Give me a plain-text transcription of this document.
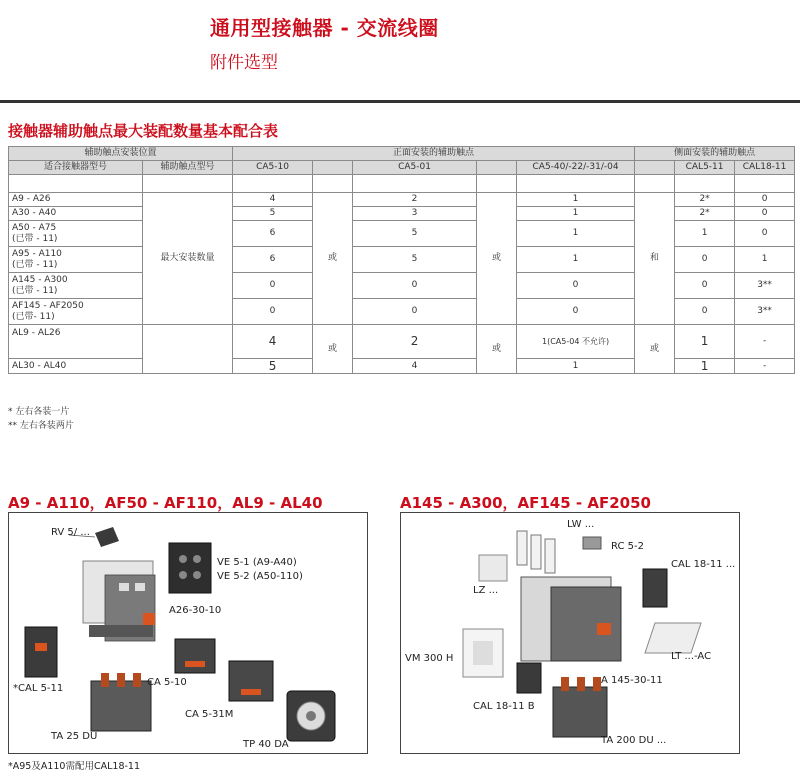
通用型接触器 - 交流线圈
附件选型
接触器辅助触点最大装配数量基本配合表
辅助触点安装位置		正面安装的辅助触点					侧面安装的辅助触点		
适合接触器型号	辅助触点型号	CA5-10		CA5-01		CA5-40/-22/-31/-04		CAL5-11	CAL18-11

A9 - A26	最大安装数量	4	或	2	或	1	和	2*	0
A30 - A40		5		3		1		2*	0

A50 - A75
(已带 - 11)		6		5		1		1	0

A95 - A110
(已带 - 11)		6		5		1		0	1

A145 - A300
(已带 - 11)		0		0		0		0	3**

AF145 - AF2050
(已带- 11)		0		0		0		0	3**
AL9 - AL26		4	或	2	或	1(CA5-04 不允许)	或	1	-
AL30 - AL40		5		4		1		1	-
* 左右各装一片
** 左右各装两片
A9 - A110，AF50 - AF110，AL9 - AL40
RV 5/ ...
VE 5-1 (A9-A40)
VE 5-2 (A50-110)
A26-30-10
*CAL 5-11
CA 5-10
CA 5-31M
TA 25 DU
TP 40 DA
*A95及A110需配用CAL18-11
A145 - A300，AF145 - AF2050
LW ...
RC 5-2
CAL 18-11 ...
LZ ...
VM 300 H	LT ...-AC
A 145-30-11
CAL 18-11 B
TA 200 DU ...
